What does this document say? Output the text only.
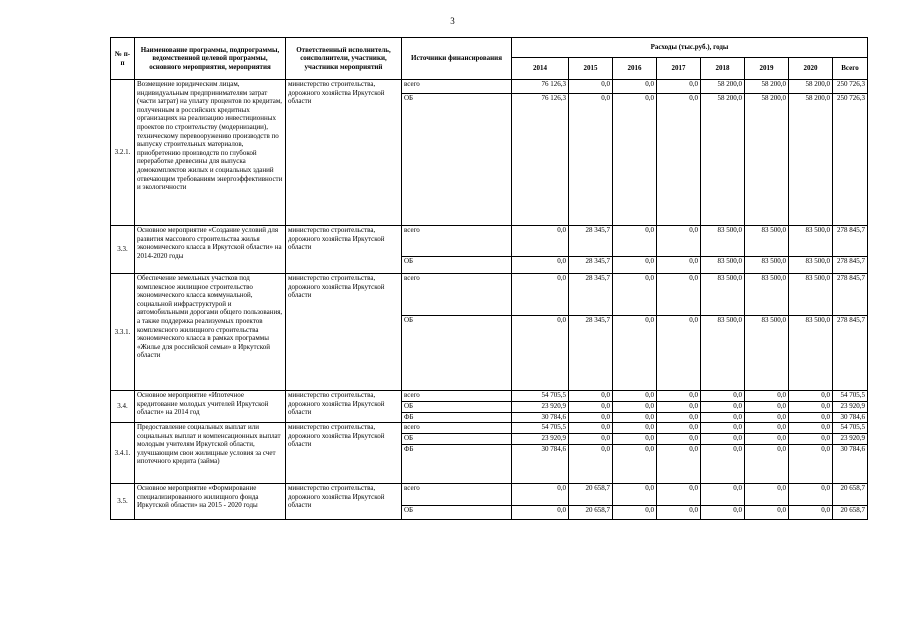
3
№ п-п	Наименование программы, подпрограммы, ведомственной целевой программы, основного мероприятия, мероприятия	Ответственный исполнитель, соисполнители, участники, участники мероприятий	Источники финансирования	Расходы (тыс.руб.), годы							
				2014	2015	2016	2017	2018	2019	2020	Всего
3.2.1.	Возмещение юридическим лицам, индивидуальным предпринимателям затрат (части затрат) на уплату процентов по кредитам, полученным в российских кредитных организациях на реализацию инвестиционных проектов по строительству (модернизации), техническому перевооружению производств по выпуску строительных материалов, приобретению производств по глубокой переработке древесины для выпуска домокомплектов жилых и социальных зданий отвечающим требованиям энергоэффективности и экологичности	министерство строительства, дорожного хозяйства Иркутской области	всего	76 126,3	0,0	0,0	0,0	58 200,0	58 200,0	58 200,0	250 726,3
			ОБ	76 126,3	0,0	0,0	0,0	58 200,0	58 200,0	58 200,0	250 726,3
3.3.	Основное мероприятие «Создание условий для развития массового строительства жилья экономического класса в Иркутской области» на 2014-2020 годы	министерство строительства, дорожного хозяйства Иркутской области	всего	0,0	28 345,7	0,0	0,0	83 500,0	83 500,0	83 500,0	278 845,7
			ОБ	0,0	28 345,7	0,0	0,0	83 500,0	83 500,0	83 500,0	278 845,7
3.3.1.	Обеспечение земельных участков под комплексное жилищное строительство экономического класса коммунальной, социальной инфраструктурой и автомобильными дорогами общего пользования, а также поддержка реализуемых проектов комплексного жилищного строительства экономического класса в рамках программы «Жилье для российской семьи» в Иркутской области	министерство строительства, дорожного хозяйства Иркутской области	всего	0,0	28 345,7	0,0	0,0	83 500,0	83 500,0	83 500,0	278 845,7
			ОБ	0,0	28 345,7	0,0	0,0	83 500,0	83 500,0	83 500,0	278 845,7
3.4.	Основное мероприятие «Ипотечное кредитование молодых учителей Иркутской области» на 2014 год	министерство строительства, дорожного хозяйства Иркутской области	всего	54 705,5	0,0	0,0	0,0	0,0	0,0	0,0	54 705,5
			ОБ	23 920,9	0,0	0,0	0,0	0,0	0,0	0,0	23 920,9
			ФБ	30 784,6	0,0	0,0	0,0	0,0	0,0	0,0	30 784,6
3.4.1.	Предоставление социальных выплат или социальных выплат и компенсационных выплат молодым учителям Иркутской области, улучшающим свои жилищные условия за счет ипотечного кредита (займа)	министерство строительства, дорожного хозяйства Иркутской области	всего	54 705,5	0,0	0,0	0,0	0,0	0,0	0,0	54 705,5
			ОБ	23 920,9	0,0	0,0	0,0	0,0	0,0	0,0	23 920,9
			ФБ	30 784,6	0,0	0,0	0,0	0,0	0,0	0,0	30 784,6
3.5.	Основное мероприятие «Формирование специализированного жилищного фонда Иркутской области» на 2015 - 2020 годы	министерство строительства, дорожного хозяйства Иркутской области	всего	0,0	20 658,7	0,0	0,0	0,0	0,0	0,0	20 658,7
			ОБ	0,0	20 658,7	0,0	0,0	0,0	0,0	0,0	20 658,7
